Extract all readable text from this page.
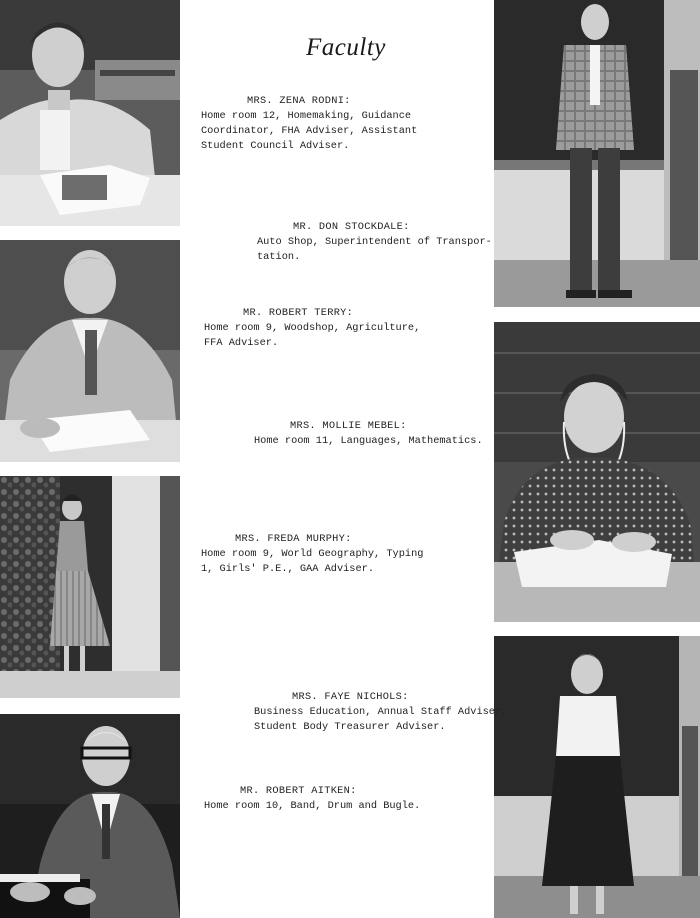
Faculty
MRS. ZENA RODNI:
Home room 12, Homemaking, Guidance
Coordinator, FHA Adviser, Assistant
Student Council Adviser.
MR. DON STOCKDALE:
Auto Shop, Superintendent of Transpor-
tation.
MR. ROBERT TERRY:
Home room 9, Woodshop, Agriculture,
FFA Adviser.
MRS. MOLLIE MEBEL:
Home room 11, Languages, Mathematics.
MRS. FREDA MURPHY:
Home room 9, World Geography, Typing
1, Girls' P.E., GAA Adviser.
MRS. FAYE NICHOLS:
Business Education, Annual Staff Adviser,
Student Body Treasurer Adviser.
MR. ROBERT AITKEN:
Home room 10, Band, Drum and Bugle.
